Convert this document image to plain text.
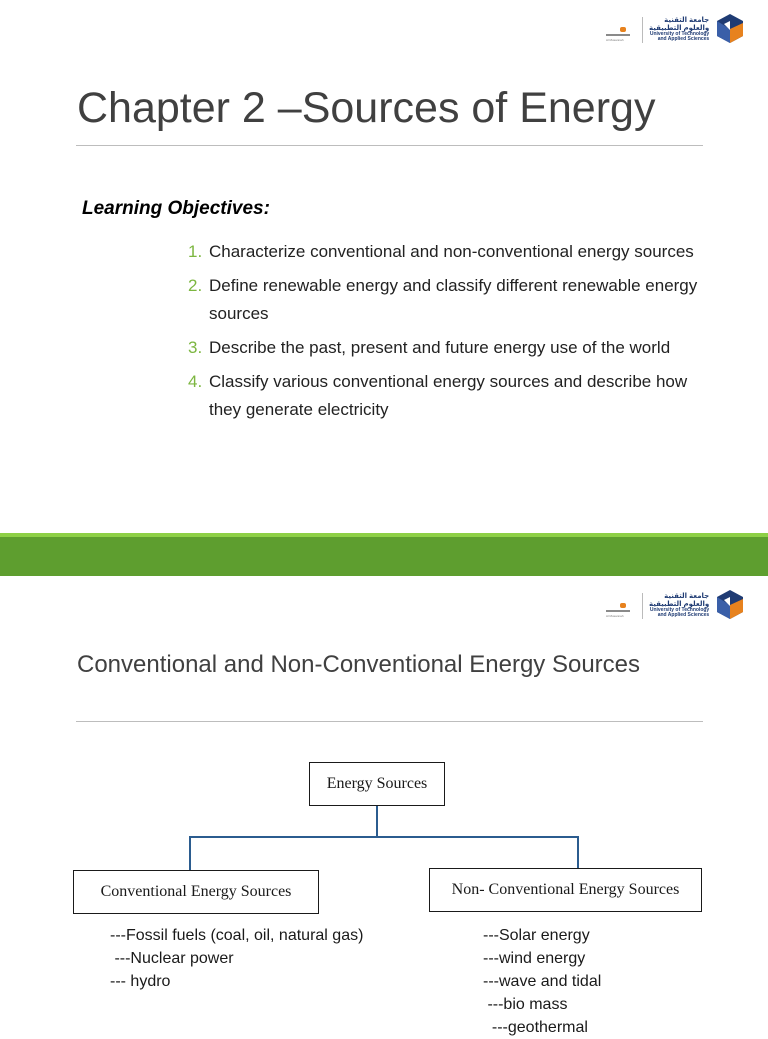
Al Musannah
جامعة التقنية
والعلوم التطبيقية
University of Technology
and Applied Sciences
Chapter 2 –Sources of Energy
Learning Objectives:
1. Characterize conventional and non-conventional energy sources
2. Define renewable energy and classify different renewable energy sources
3. Describe the past, present and future energy use of the world
4. Classify various conventional energy sources and describe how they generate electricity
Al Musannah
جامعة التقنية
والعلوم التطبيقية
University of Technology
and Applied Sciences
Conventional and Non-Conventional Energy Sources
Energy Sources
Conventional Energy Sources	Non- Conventional Energy Sources
---Fossil fuels (coal, oil, natural gas)
---Nuclear power
--- hydro
---Solar energy
---wind energy
---wave and tidal
---bio mass
---geothermal
